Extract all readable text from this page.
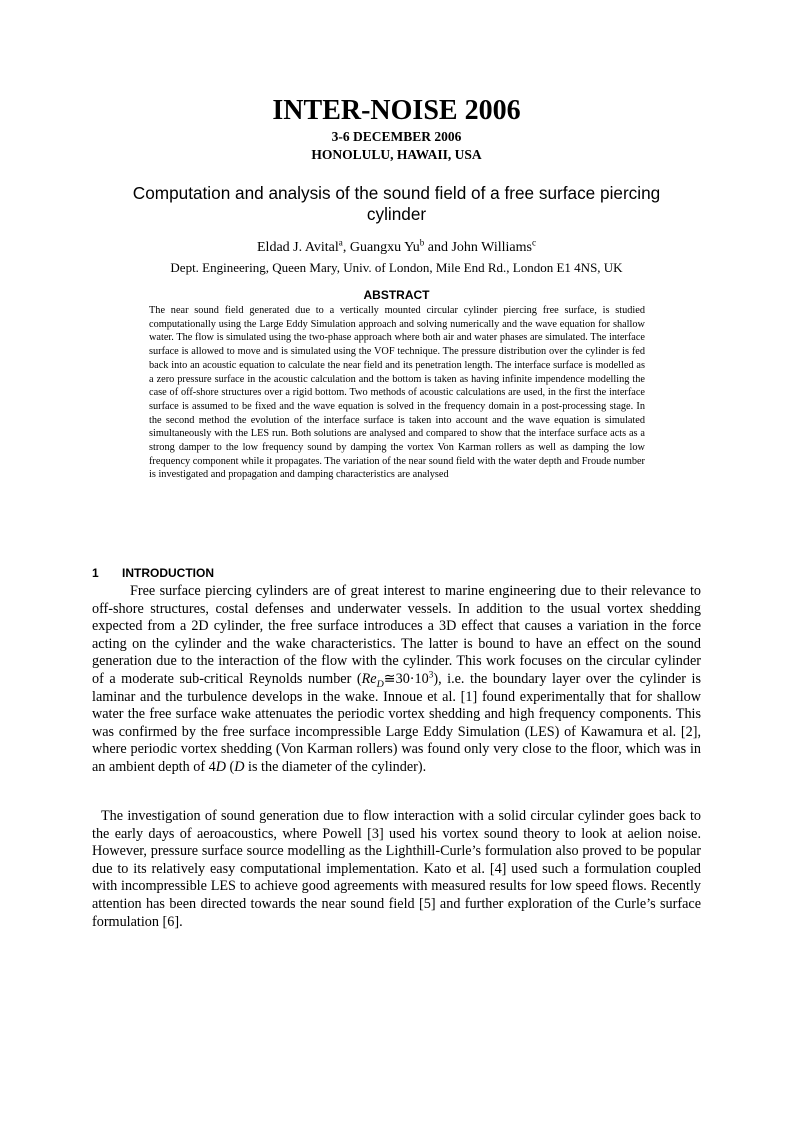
INTER-NOISE 2006
3-6 DECEMBER 2006
HONOLULU, HAWAII, USA
Computation and analysis of the sound field of a free surface piercing cylinder
Eldad J. Avital$^a$, Guangxu Yu$^b$ and John Williams$^c$
Dept. Engineering, Queen Mary, Univ. of London, Mile End Rd., London E1 4NS, UK
ABSTRACT
The near sound field generated due to a vertically mounted circular cylinder piercing free surface, is studied computationally using the Large Eddy Simulation approach and solving numerically and the wave equation for shallow water. The flow is simulated using the two-phase approach where both air and water phases are simulated. The interface surface is allowed to move and is simulated using the VOF technique. The pressure distribution over the cylinder is fed back into an acoustic equation to calculate the near field and its penetration length. The interface surface is modelled as a zero pressure surface in the acoustic calculation and the bottom is taken as having infinite impendence modelling the case of off-shore structures over a rigid bottom. Two methods of acoustic calculations are used, in the first the interface surface is assumed to be fixed and the wave equation is solved in the frequency domain in a post-processing stage. In the second method the evolution of the interface surface is taken into account and the wave equation is simulated simultaneously with the LES run. Both solutions are analysed and compared to show that the interface surface acts as a strong damper to the low frequency sound by damping the vortex Von Karman rollers as well as damping the low frequency component while it propagates. The variation of the near sound field with the water depth and Froude number is investigated and propagation and damping characteristics are analysed
1 INTRODUCTION
Free surface piercing cylinders are of great interest to marine engineering due to their relevance to off-shore structures, costal defenses and underwater vessels. In addition to the usual vortex shedding expected from a 2D cylinder, the free surface introduces a 3D effect that causes a variation in the force acting on the cylinder and the wake characteristics. The latter is bound to have an effect on the sound generation due to the interaction of the flow with the cylinder. This work focuses on the circular cylinder of a moderate sub-critical Reynolds number $(Re_D≅30\cdot 10^3)$, i.e. the boundary layer over the cylinder is laminar and the turbulence develops in the wake. Innoue et al. [1] found experimentally that for shallow water the free surface wake attenuates the periodic vortex shedding and high frequency components. This was confirmed by the free surface incompressible Large Eddy Simulation (LES) of Kawamura et al. [2], where periodic vortex shedding (Von Karman rollers) was found only very close to the floor, which was in an ambient depth of 4D (D is the diameter of the cylinder).
The investigation of sound generation due to flow interaction with a solid circular cylinder goes back to the early days of aeroacoustics, where Powell [3] used his vortex sound theory to look at aelion noise. However, pressure surface source modelling as the Lighthill-Curle’s formulation also proved to be popular due to its relatively easy computational implementation. Kato et al. [4] used such a formulation coupled with incompressible LES to achieve good agreements with measured results for low speed flows. Recently attention has been directed towards the near sound field [5] and further exploration of the Curle’s surface formulation [6].
